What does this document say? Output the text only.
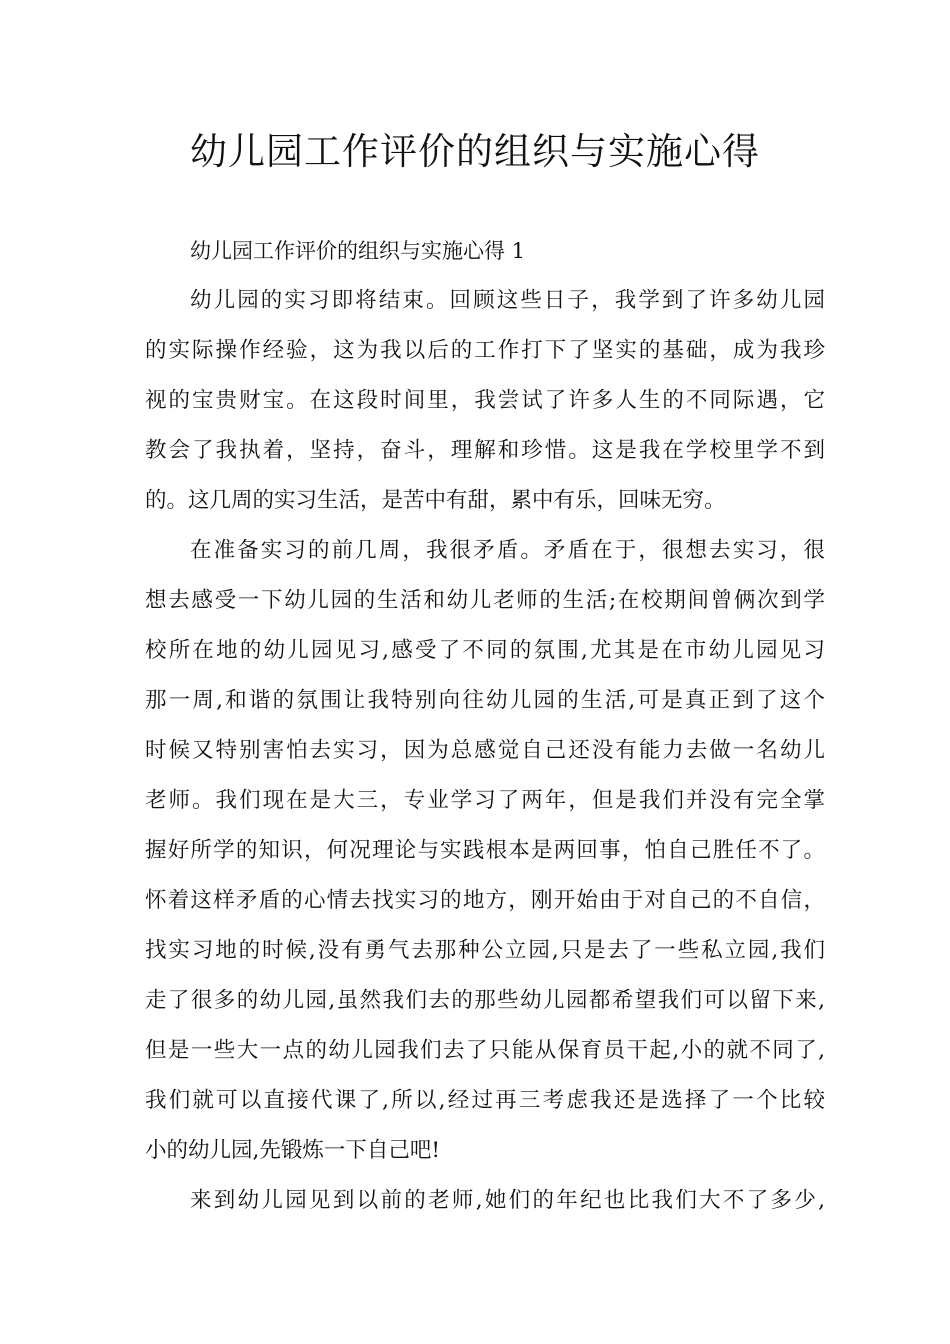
幼儿园工作评价的组织与实施心得

幼儿园工作评价的组织与实施心得 1

幼儿园的实习即将结束。回顾这些日子，我学到了许多幼儿园
的实际操作经验，这为我以后的工作打下了坚实的基础，成为我珍
视的宝贵财宝。在这段时间里，我尝试了许多人生的不同际遇，它
教会了我执着，坚持，奋斗，理解和珍惜。这是我在学校里学不到
的。这几周的实习生活，是苦中有甜，累中有乐，回味无穷。
在准备实习的前几周，我很矛盾。矛盾在于，很想去实习，很
想去感受一下幼儿园的生活和幼儿老师的生活;在校期间曾俩次到学
校所在地的幼儿园见习,感受了不同的氛围,尤其是在市幼儿园见习
那一周,和谐的氛围让我特别向往幼儿园的生活,可是真正到了这个
时候又特别害怕去实习，因为总感觉自己还没有能力去做一名幼儿
老师。我们现在是大三，专业学习了两年，但是我们并没有完全掌
握好所学的知识，何况理论与实践根本是两回事，怕自己胜任不了。
怀着这样矛盾的心情去找实习的地方，刚开始由于对自己的不自信，
找实习地的时候,没有勇气去那种公立园,只是去了一些私立园,我们
走了很多的幼儿园,虽然我们去的那些幼儿园都希望我们可以留下来,
但是一些大一点的幼儿园我们去了只能从保育员干起,小的就不同了,
我们就可以直接代课了,所以,经过再三考虑我还是选择了一个比较
小的幼儿园,先锻炼一下自己吧!
来到幼儿园见到以前的老师,她们的年纪也比我们大不了多少,
